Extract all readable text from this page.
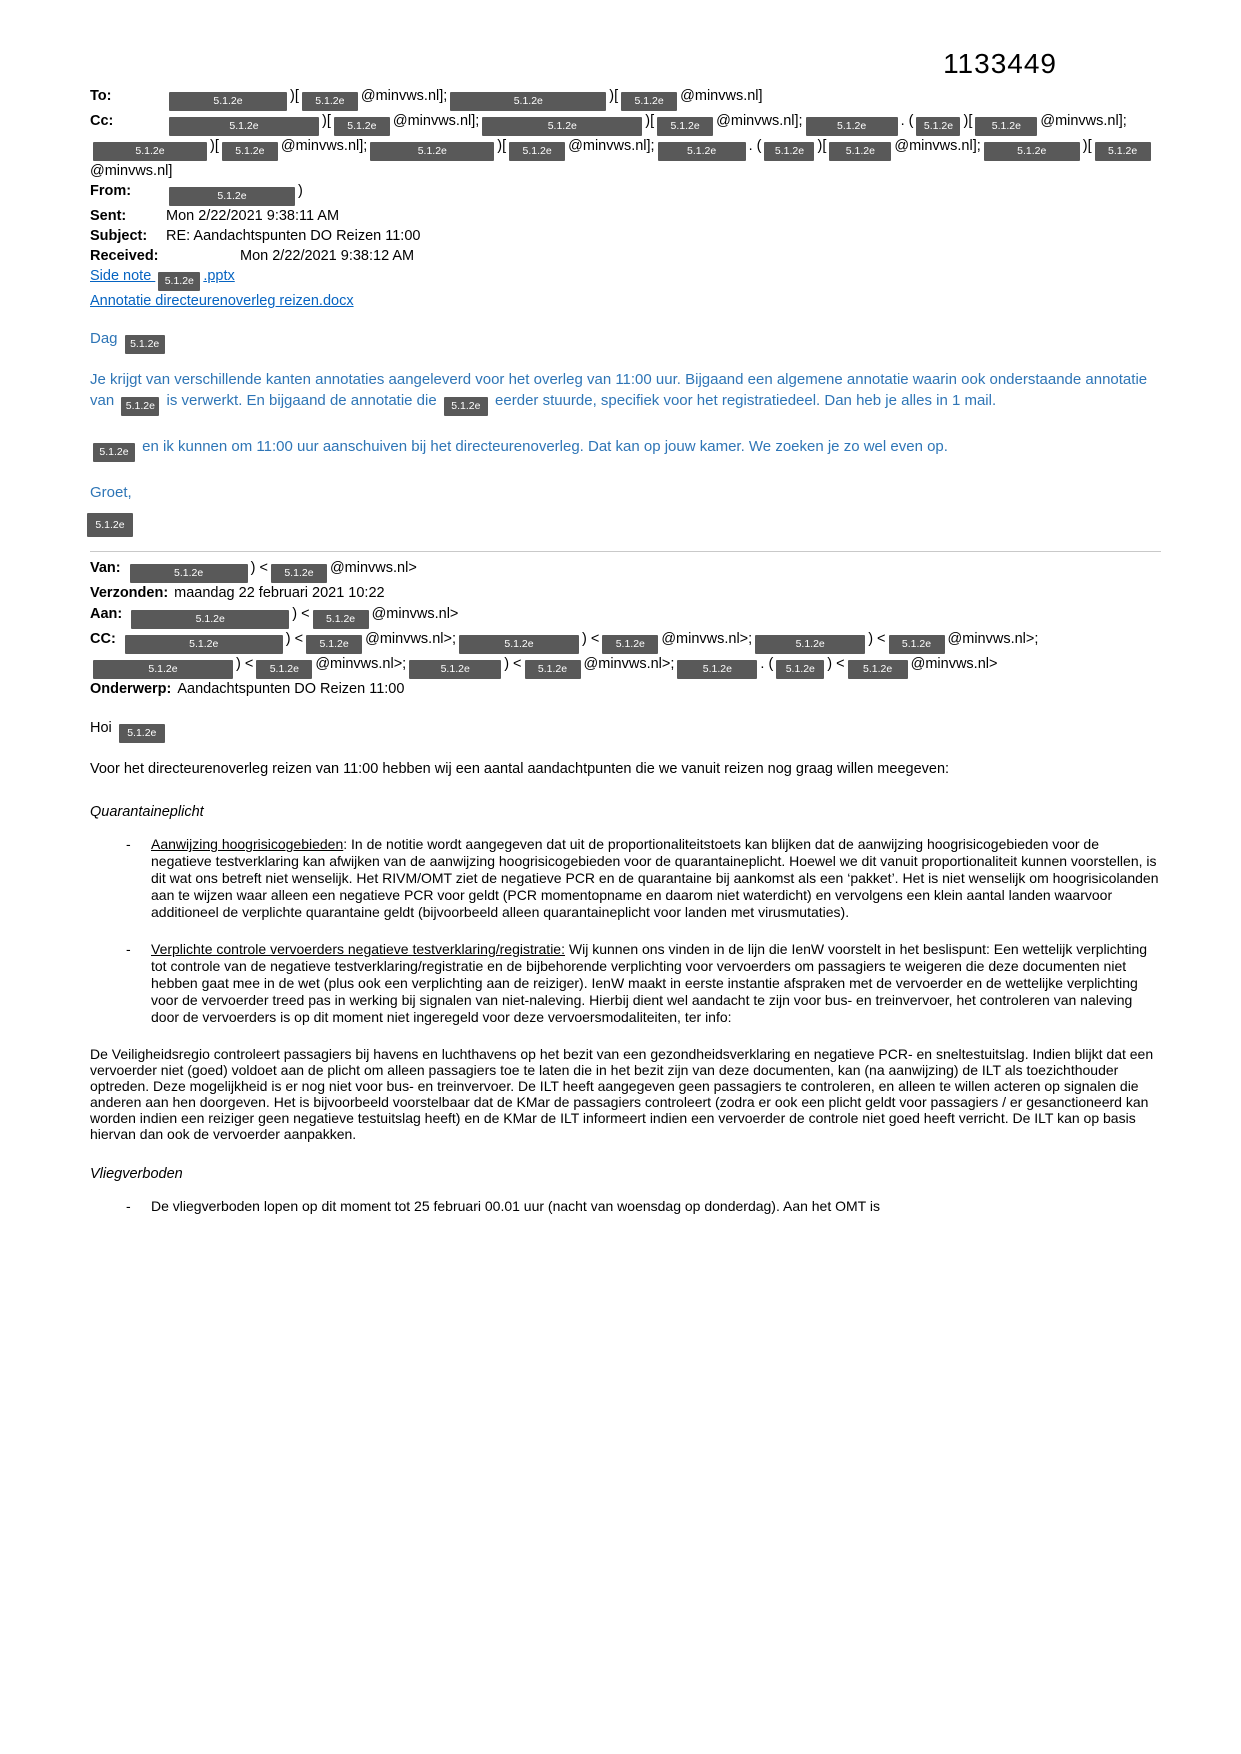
1133449
To:	5.1.2e	)[ 5.1.2e @minvws.nl];	5.1.2e	)[ 5.1.2e @minvws.nl]
Cc:	5.1.2e	)[ 5.1.2e @minvws.nl];	5.1.2e	)[ 5.1.2e @minvws.nl];	5.1.2e . ( 5.1.2e )[ 5.1.2e @minvws.nl];5.1.2e	)[ 5.1.2e @minvws.nl];	5.1.2e	)[ 5.1.2e @minvws.nl];	5.1.2e . ( 5.1.2e )[ 5.1.2e @minvws.nl];	5.1.2e	)[ 5.1.2e@minvws.nl]
From:	5.1.2e	)
Sent:	Mon 2/22/2021 9:38:11 AM
Subject: RE: Aandachtspunten DO Reizen 11:00
Received:	Mon 2/22/2021 9:38:12 AM
Side note 5.1.2e .pptx
Annotatie directeurenoverleg reizen.docx

Dag 5.1.2e

Je krijgt van verschillende kanten annotaties aangeleverd voor het overleg van 11:00 uur. Bijgaand een algemene annotatie waarin ook onderstaande annotatie van 5.1.2e is verwerkt. En bijgaand de annotatie die 5.1.2e eerder stuurde, specifiek voor het registratiedeel. Dan heb je alles in 1 mail.

5.1.2e en ik kunnen om 11:00 uur aanschuiven bij het directeurenoverleg. Dat kan op jouw kamer. We zoeken je zo wel even op.

Groet,

5.1.2e

Van:	5.1.2e	) < 5.1.2e @minvws.nl>
Verzonden: maandag 22 februari 2021 10:22
Aan:	5.1.2e	) < 5.1.2e @minvws.nl>
CC:	5.1.2e	) < 5.1.2e @minvws.nl>;	5.1.2e	) < 5.1.2e @minvws.nl>;	5.1.2e	) < 5.1.2e @minvws.nl>;5.1.2e	) < 5.1.2e @minvws.nl>;	5.1.2e ) < 5.1.2e @minvws.nl>;	5.1.2e . ( 5.1.2e ) < 5.1.2e @minvws.nl>
Onderwerp: Aandachtspunten DO Reizen 11:00

Hoi 5.1.2e

Voor het directeurenoverleg reizen van 11:00 hebben wij een aantal aandachtpunten die we vanuit reizen nog graag willen meegeven:

Quarantaineplicht

-	Aanwijzing hoogrisicogebieden: In de notitie wordt aangegeven dat uit de proportionaliteitstoets kan blijken dat de aanwijzing hoogrisicogebieden voor de negatieve testverklaring kan afwijken van de aanwijzing hoogrisicogebieden voor de quarantaineplicht. Hoewel we dit vanuit proportionaliteit kunnen voorstellen, is dit wat ons betreft niet wenselijk. Het RIVM/OMT ziet de negatieve PCR en de quarantaine bij aankomst als een ‘pakket’. Het is niet wenselijk om hoogrisicolanden aan te wijzen waar alleen een negatieve PCR voor geldt (PCR momentopname en daarom niet waterdicht) en vervolgens een klein aantal landen waarvoor additioneel de verplichte quarantaine geldt (bijvoorbeeld alleen quarantaineplicht voor landen met virusmutaties).
-	Verplichte controle vervoerders negatieve testverklaring/registratie: Wij kunnen ons vinden in de lijn die IenW voorstelt in het beslispunt: Een wettelijk verplichting tot controle van de negatieve testverklaring/registratie en de bijbehorende verplichting voor vervoerders om passagiers te weigeren die deze documenten niet hebben gaat mee in de wet (plus ook een verplichting aan de reiziger). IenW maakt in eerste instantie afspraken met de vervoerder en de wettelijke verplichting voor de vervoerder treed pas in werking bij signalen van niet-naleving. Hierbij dient wel aandacht te zijn voor bus- en treinvervoer, het controleren van naleving door de vervoerders is op dit moment niet ingeregeld voor deze vervoersmodaliteiten, ter info:

De Veiligheidsregio controleert passagiers bij havens en luchthavens op het bezit van een gezondheidsverklaring en negatieve PCR- en sneltestuitslag. Indien blijkt dat een vervoerder niet (goed) voldoet aan de plicht om alleen passagiers toe te laten die in het bezit zijn van deze documenten, kan (na aanwijzing) de ILT als toezichthouder optreden. Deze mogelijkheid is er nog niet voor bus- en treinvervoer. De ILT heeft aangegeven geen passagiers te controleren, en alleen te willen acteren op signalen die anderen aan hen doorgeven. Het is bijvoorbeeld voorstelbaar dat de KMar de passagiers controleert (zodra er ook een plicht geldt voor passagiers / er gesanctioneerd kan worden indien een reiziger geen negatieve testuitslag heeft) en de KMar de ILT informeert indien een vervoerder de controle niet goed heeft verricht. De ILT kan op basis hiervan dan ook de vervoerder aanpakken.

Vliegverboden

-	De vliegverboden lopen op dit moment tot 25 februari 00.01 uur (nacht van woensdag op donderdag). Aan het OMT is
